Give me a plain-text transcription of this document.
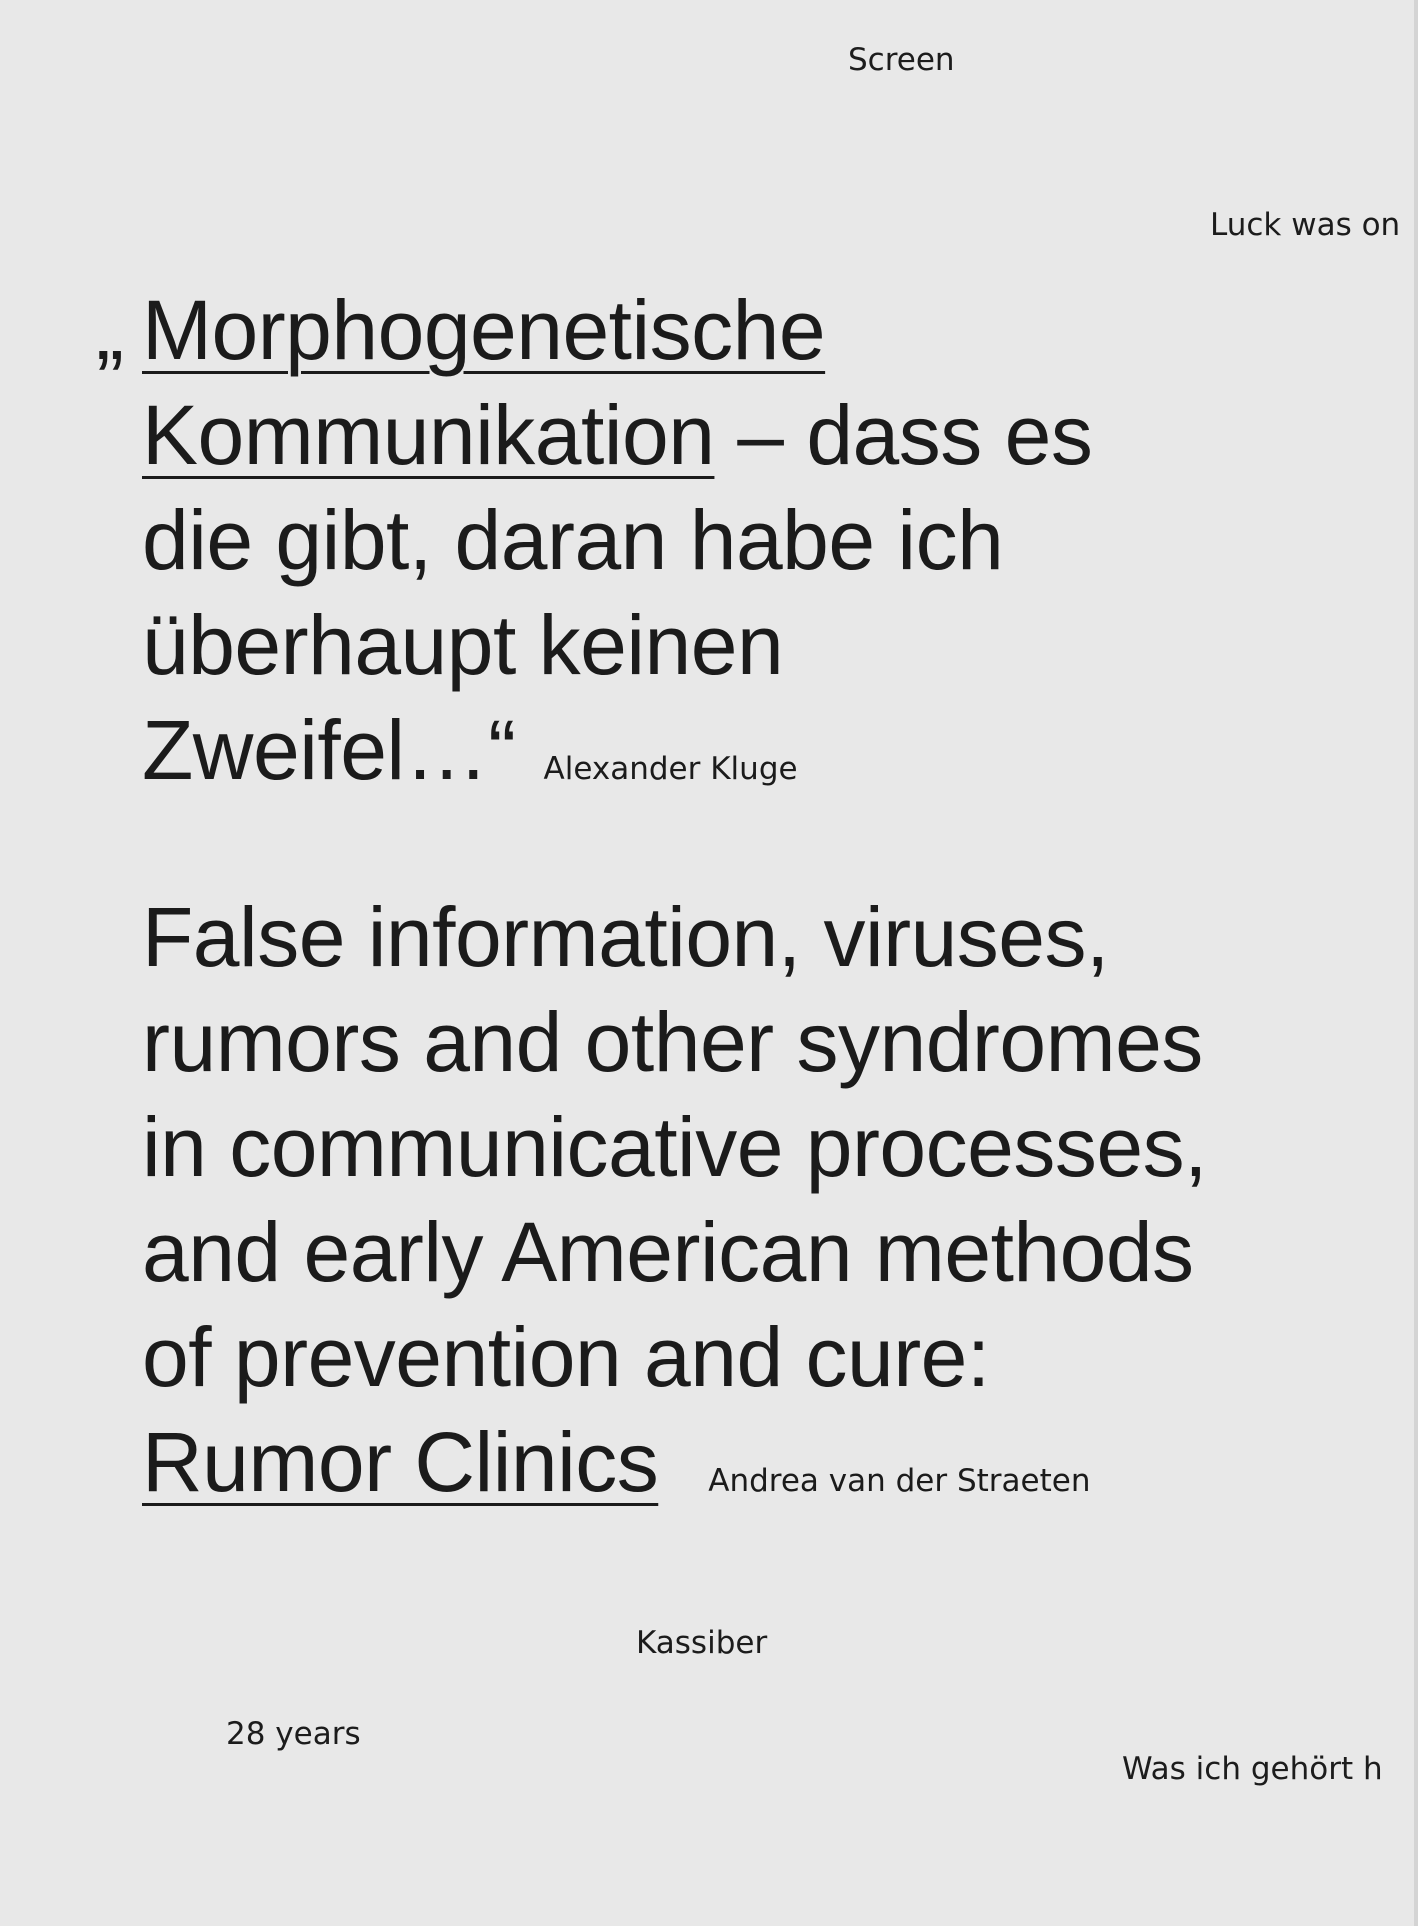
Screen
Luck was on
„ Morphogenetische
Kommunikation – dass es
die gibt, daran habe ich
überhaupt keinen
Zweifel…“ Alexander Kluge
False information, viruses,
rumors and other syndromes
in communicative processes,
and early American methods
of prevention and cure:
Rumor Clinics Andrea van der Straeten
Kassiber
28 years
Was ich gehört h
